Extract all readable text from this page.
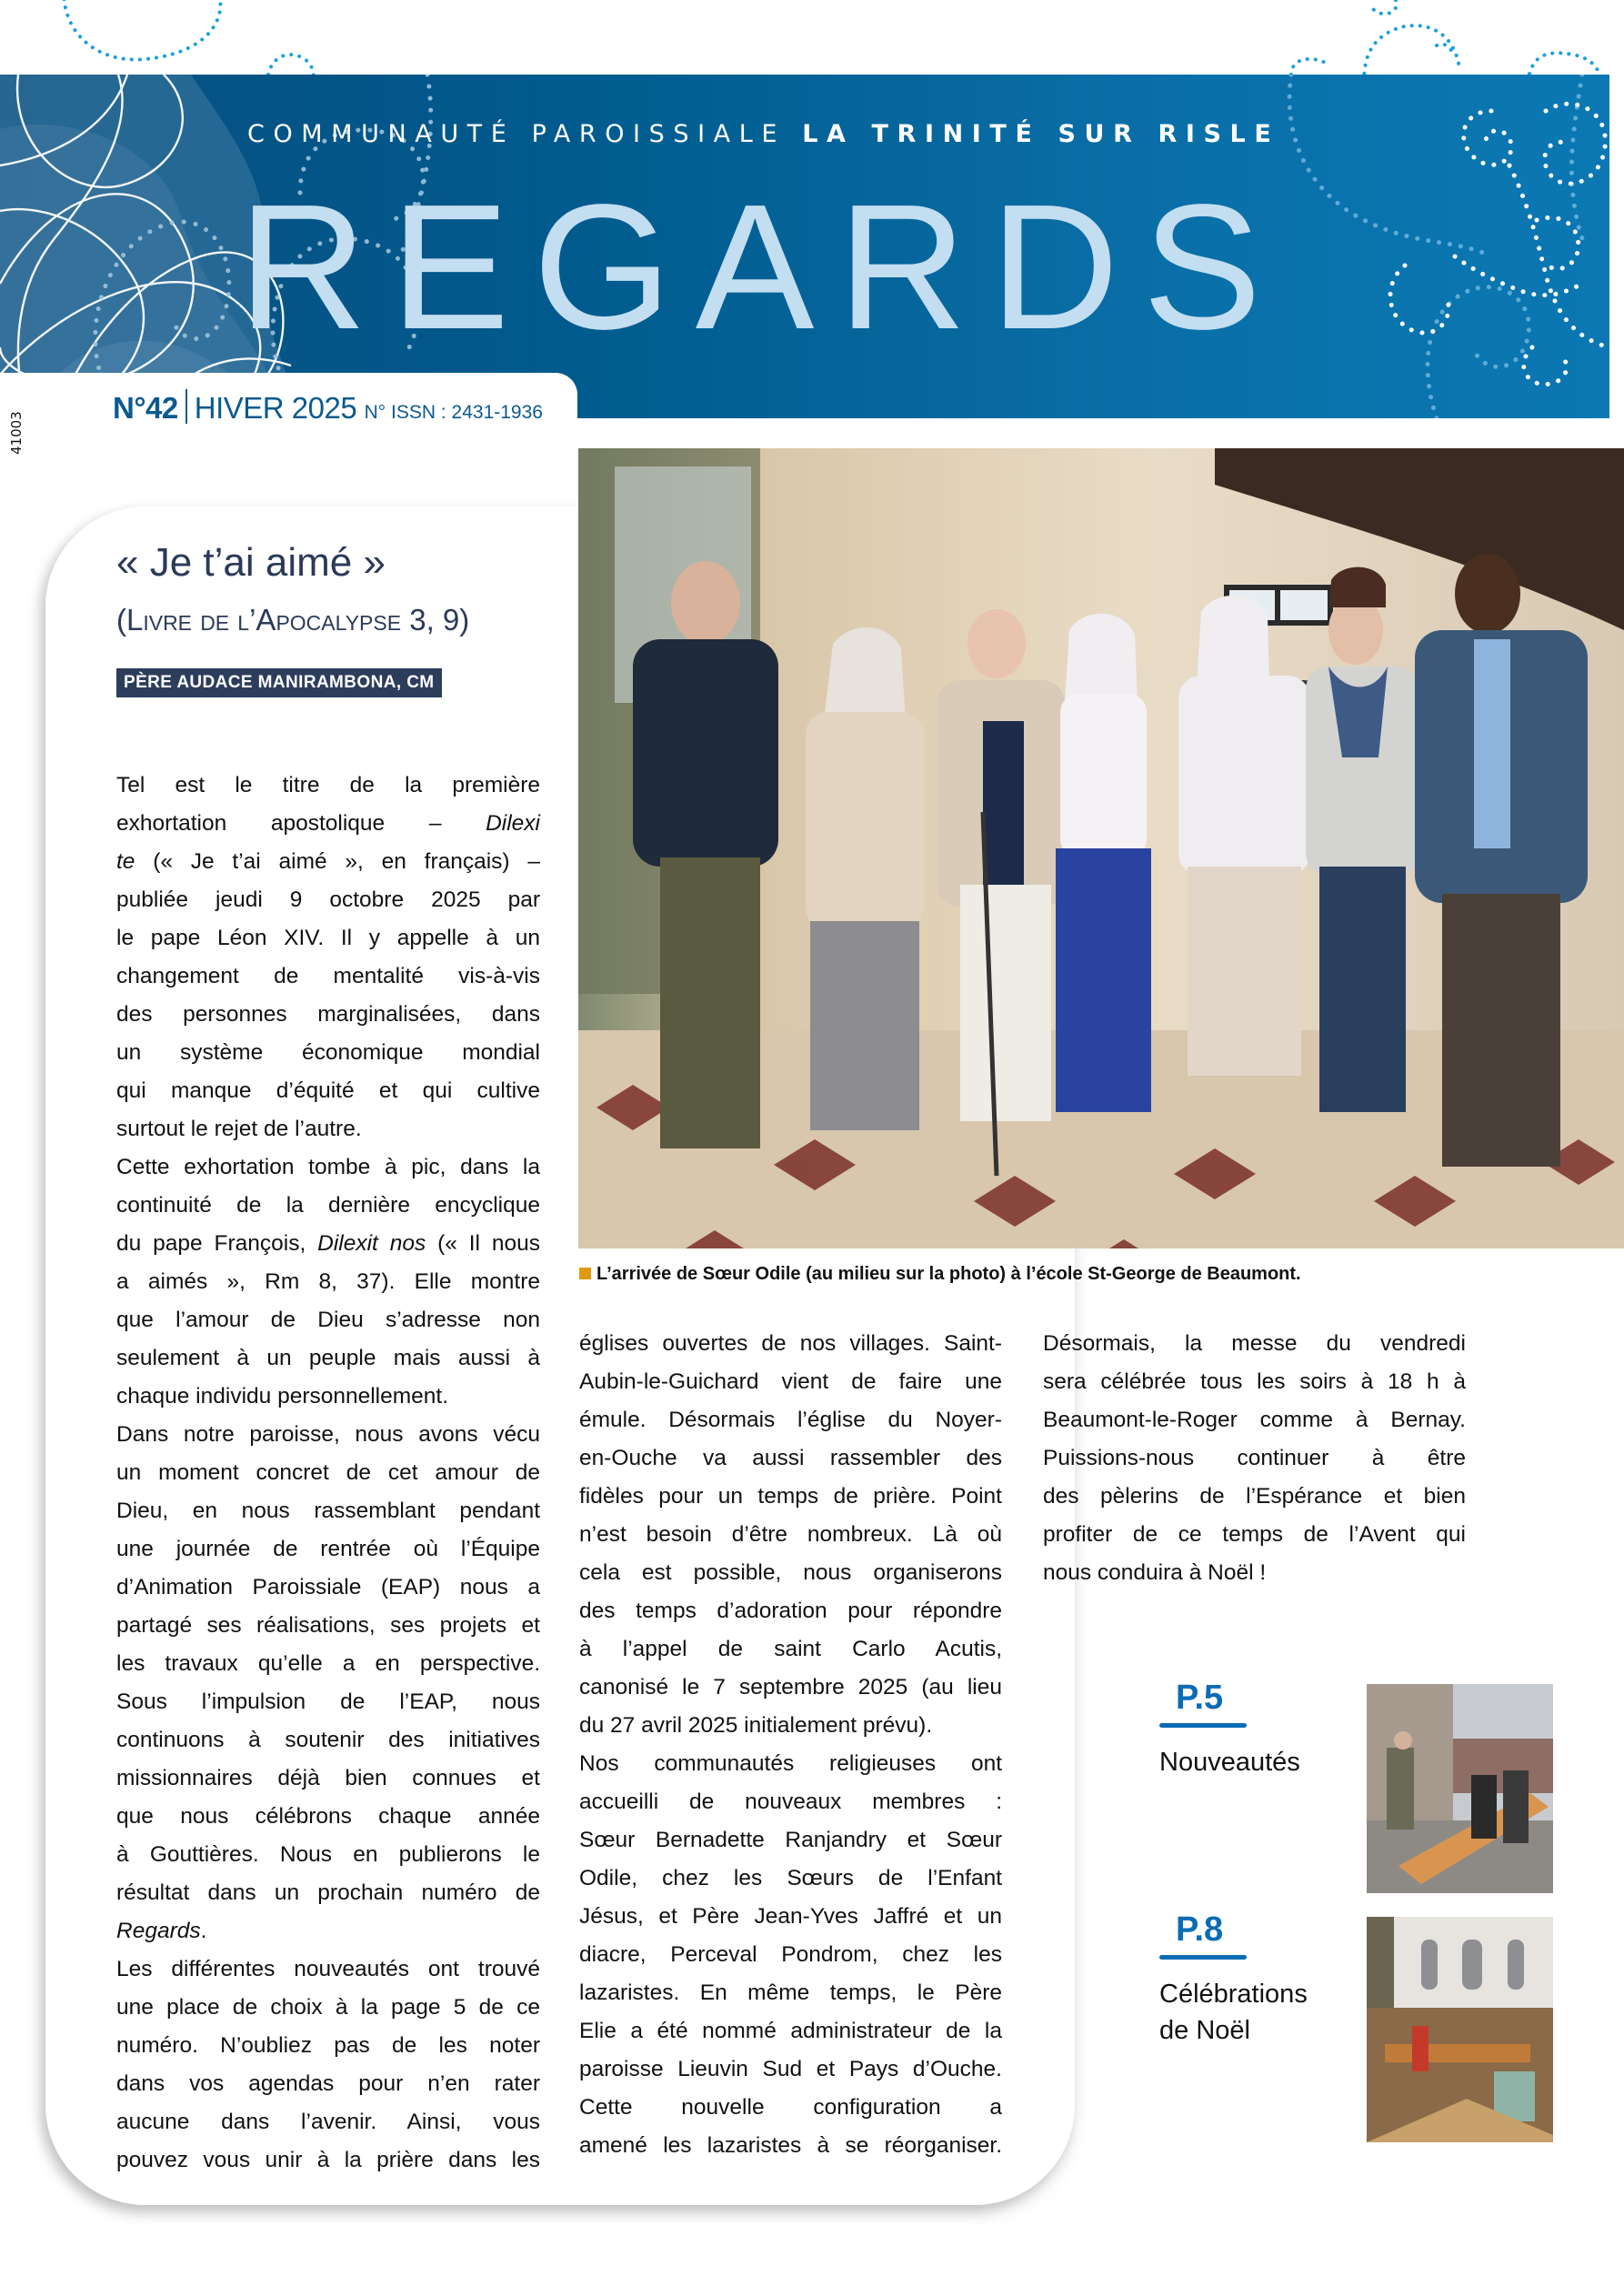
COMMUNAUTÉ PAROISSIALE LA TRINITÉ SUR RISLE
REGARDS
N°42 HIVER 2025 N° ISSN : 2431-1936
41003
« Je t’ai aimé »
(Livre de l’Apocalypse 3, 9)
PÈRE AUDACE MANIRAMBONA, CM
L’arrivée de Sœur Odile (au milieu sur la photo) à l’école St-George de Beaumont.
Tel est le titre de la première
exhortation apostolique – Dilexi
te (« Je t’ai aimé », en français) –
publiée jeudi 9 octobre 2025 par
le pape Léon XIV. Il y appelle à un
changement de mentalité vis-à-vis
des personnes marginalisées, dans
un système économique mondial
qui manque d’équité et qui cultive
surtout le rejet de l’autre.
Cette exhortation tombe à pic, dans la
continuité de la dernière encyclique
du pape François, Dilexit nos (« Il nous
a aimés », Rm 8, 37). Elle montre
que l’amour de Dieu s’adresse non
seulement à un peuple mais aussi à
chaque individu personnellement.
Dans notre paroisse, nous avons vécu
un moment concret de cet amour de
Dieu, en nous rassemblant pendant
une journée de rentrée où l’Équipe
d’Animation Paroissiale (EAP) nous a
partagé ses réalisations, ses projets et
les travaux qu’elle a en perspective.
Sous l’impulsion de l’EAP, nous
continuons à soutenir des initiatives
missionnaires déjà bien connues et
que nous célébrons chaque année
à Gouttières. Nous en publierons le
résultat dans un prochain numéro de
Regards.
Les différentes nouveautés ont trouvé
une place de choix à la page 5 de ce
numéro. N’oubliez pas de les noter
dans vos agendas pour n’en rater
aucune dans l’avenir. Ainsi, vous
pouvez vous unir à la prière dans les
églises ouvertes de nos villages. Saint-
Aubin-le-Guichard vient de faire une
émule. Désormais l’église du Noyer-
en-Ouche va aussi rassembler des
fidèles pour un temps de prière. Point
n’est besoin d’être nombreux. Là où
cela est possible, nous organiserons
des temps d’adoration pour répondre
à l’appel de saint Carlo Acutis,
canonisé le 7 septembre 2025 (au lieu
du 27 avril 2025 initialement prévu).
Nos communautés religieuses ont
accueilli de nouveaux membres :
Sœur Bernadette Ranjandry et Sœur
Odile, chez les Sœurs de l’Enfant
Jésus, et Père Jean-Yves Jaffré et un
diacre, Perceval Pondrom, chez les
lazaristes. En même temps, le Père
Elie a été nommé administrateur de la
paroisse Lieuvin Sud et Pays d’Ouche.
Cette nouvelle configuration a
amené les lazaristes à se réorganiser.
Désormais, la messe du vendredi
sera célébrée tous les soirs à 18 h à
Beaumont-le-Roger comme à Bernay.
Puissions-nous continuer à être
des pèlerins de l’Espérance et bien
profiter de ce temps de l’Avent qui
nous conduira à Noël !
P.5
Nouveautés
P.8
Célébrations
de Noël
